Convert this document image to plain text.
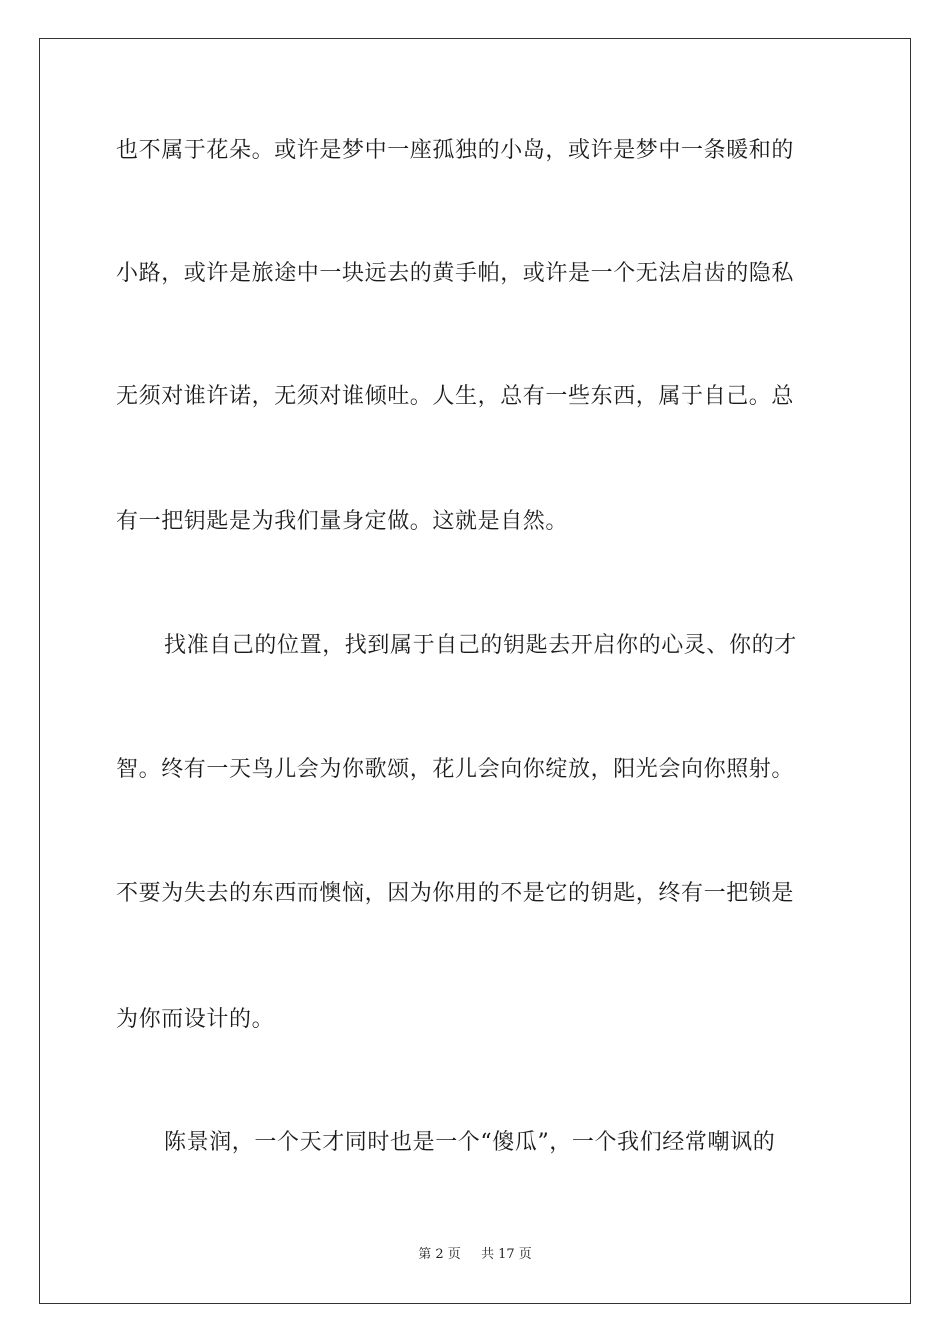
也不属于花朵。或许是梦中一座孤独的小岛，或许是梦中一条暖和的
小路，或许是旅途中一块远去的黄手帕，或许是一个无法启齿的隐私
无须对谁许诺，无须对谁倾吐。人生，总有一些东西，属于自己。总
有一把钥匙是为我们量身定做。这就是自然。
找准自己的位置，找到属于自己的钥匙去开启你的心灵、你的才
智。终有一天鸟儿会为你歌颂，花儿会向你绽放，阳光会向你照射。
不要为失去的东西而懊恼，因为你用的不是它的钥匙，终有一把锁是
为你而设计的。
陈景润，一个天才同时也是一个“傻瓜”，一个我们经常嘲讽的
第 2 页 共 17 页
